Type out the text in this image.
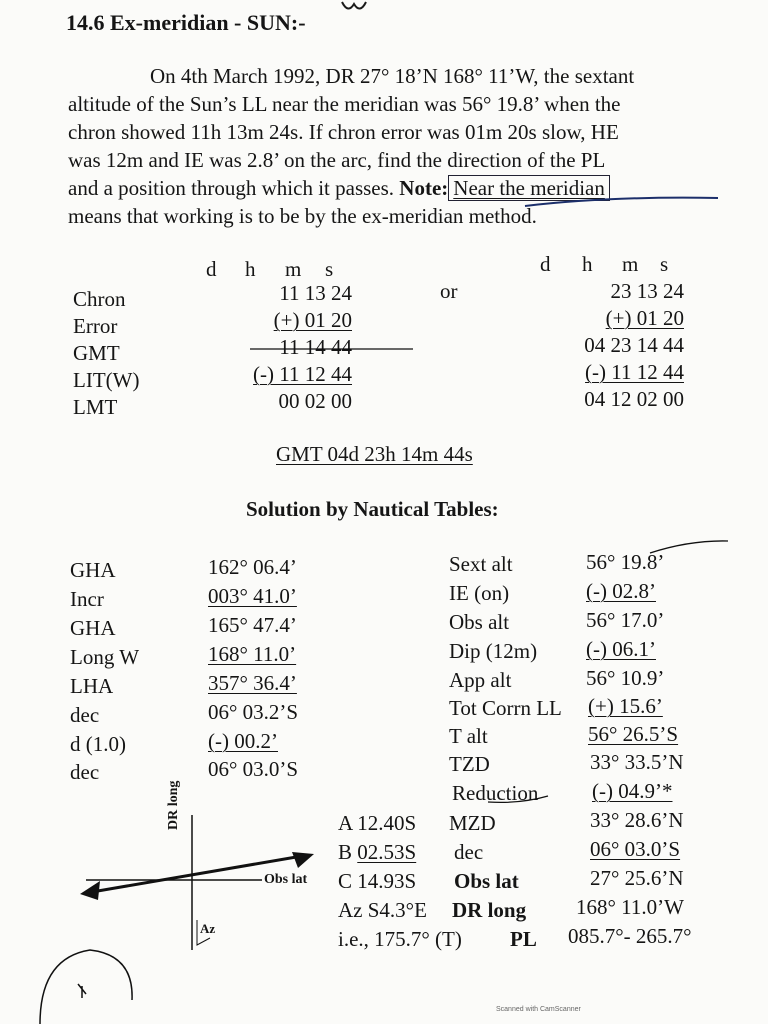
14.6 Ex-meridian - SUN:-
On 4th March 1992, DR 27° 18’N 168° 11’W, the sextant
altitude of the Sun’s LL near the meridian was 56° 19.8’ when the
chron showed 11h 13m 24s. If chron error was 01m 20s slow, HE
was 12m and IE was 2.8’ on the arc, find the direction of the PL
and a position through which it passes. Note: Near the meridian
means that working is to be by the ex-meridian method.
d h m s	d h m s
Chron
Error
GMT
LIT(W)
LMT
11 13 24
(+) 01 20
11 14 44
(-) 11 12 44
00 02 00
or	23 13 24
(+) 01 20
04 23 14 44
(-) 11 12 44
04 12 02 00
GMT 04d 23h 14m 44s
Solution by Nautical Tables:
GHA
Incr
GHA
Long W
LHA
dec
d (1.0)
dec
162° 06.4’
003° 41.0’
165° 47.4’
168° 11.0’
357° 36.4’
06° 03.2’S
(-) 00.2’
06° 03.0’S
Sext alt
IE (on)
Obs alt
Dip (12m)
App alt
Tot Corrn LL
T alt
TZD
Reduction
MZD
dec
Obs lat
DR long
PL
56° 19.8’
(-) 02.8’
56° 17.0’
(-) 06.1’
56° 10.9’
(+) 15.6’
56° 26.5’S
33° 33.5’N
(-) 04.9’*
33° 28.6’N
06° 03.0’S
27° 25.6’N
168° 11.0’W
085.7°- 265.7°
A 12.40S
B 02.53S
C 14.93S
Az S4.3°E
i.e., 175.7° (T)
DR long
Obs lat
Az
Scanned with CamScanner
